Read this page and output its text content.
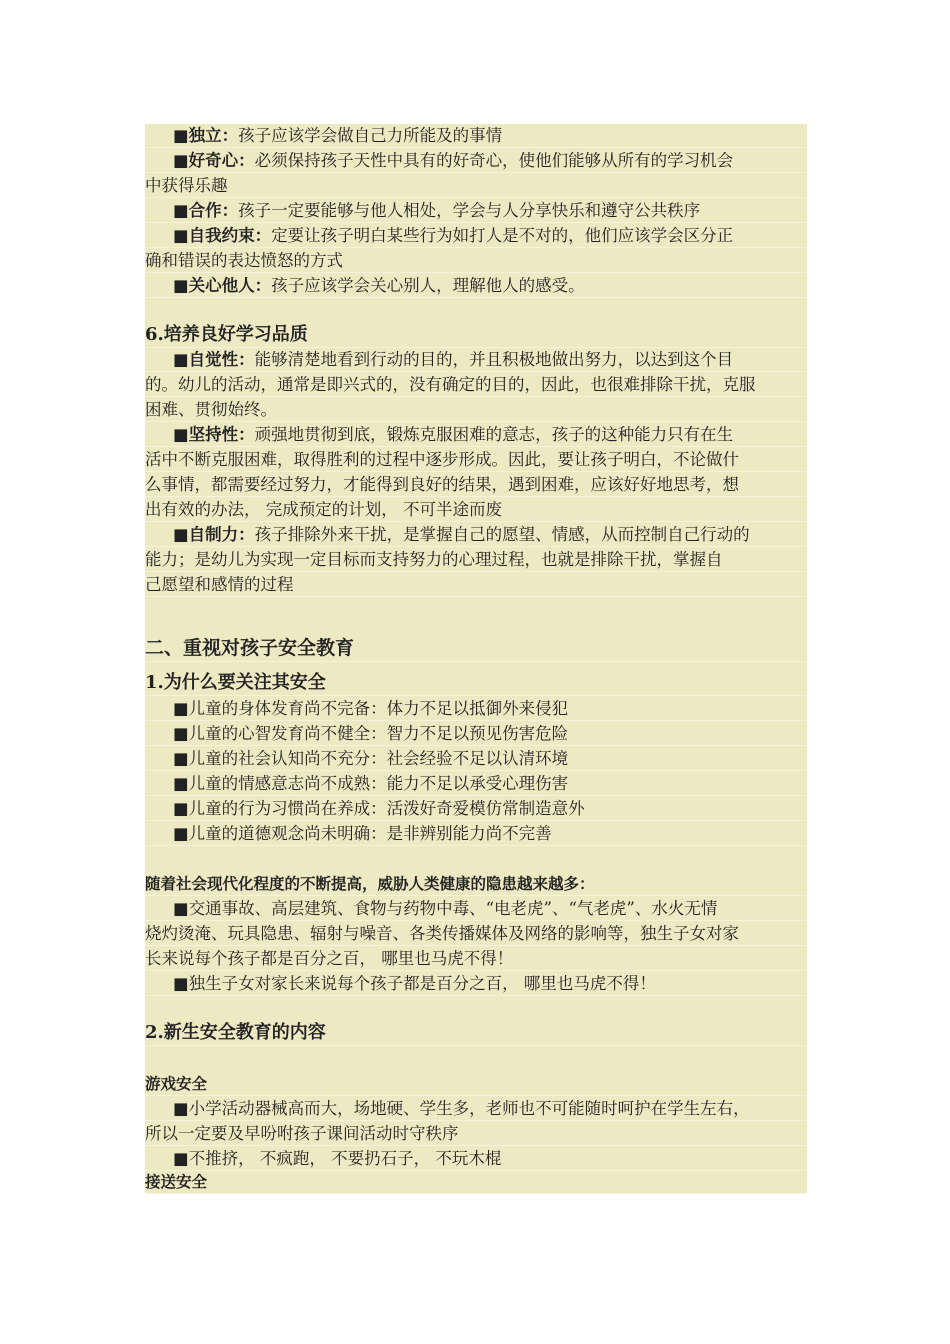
■独立：孩子应该学会做自己力所能及的事情
■好奇心：必须保持孩子天性中具有的好奇心，使他们能够从所有的学习机会
中获得乐趣
■合作：孩子一定要能够与他人相处，学会与人分享快乐和遵守公共秩序
■自我约束：定要让孩子明白某些行为如打人是不对的，他们应该学会区分正
确和错误的表达愤怒的方式
■关心他人：孩子应该学会关心别人，理解他人的感受。
6.培养良好学习品质
■自觉性：能够清楚地看到行动的目的，并且积极地做出努力，以达到这个目
的。幼儿的活动，通常是即兴式的，没有确定的目的，因此，也很难排除干扰，克服
困难、贯彻始终。
■坚持性：顽强地贯彻到底，锻炼克服困难的意志，孩子的这种能力只有在生
活中不断克服困难，取得胜利的过程中逐步形成。因此，要让孩子明白，不论做什
么事情，都需要经过努力，才能得到良好的结果，遇到困难，应该好好地思考，想
出有效的办法， 完成预定的计划， 不可半途而废
■自制力：孩子排除外来干扰，是掌握自己的愿望、情感，从而控制自己行动的
能力；是幼儿为实现一定目标而支持努力的心理过程，也就是排除干扰，掌握自
己愿望和感情的过程
二、重视对孩子安全教育
1.为什么要关注其安全
■儿童的身体发育尚不完备：体力不足以抵御外来侵犯
■儿童的心智发育尚不健全：智力不足以预见伤害危险
■儿童的社会认知尚不充分：社会经验不足以认清环境
■儿童的情感意志尚不成熟：能力不足以承受心理伤害
■儿童的行为习惯尚在养成：活泼好奇爱模仿常制造意外
■儿童的道德观念尚未明确：是非辨别能力尚不完善
随着社会现代化程度的不断提高，威胁人类健康的隐患越来越多：
■交通事故、高层建筑、食物与药物中毒、“电老虎”、“气老虎”、水火无情
烧灼烫淹、玩具隐患、辐射与噪音、各类传播媒体及网络的影响等，独生子女对家
长来说每个孩子都是百分之百， 哪里也马虎不得！
■独生子女对家长来说每个孩子都是百分之百， 哪里也马虎不得！
2.新生安全教育的内容
游戏安全
■小学活动器械高而大，场地硬、学生多，老师也不可能随时呵护在学生左右，
所以一定要及早吩咐孩子课间活动时守秩序
■不推挤， 不疯跑， 不要扔石子， 不玩木棍
接送安全
